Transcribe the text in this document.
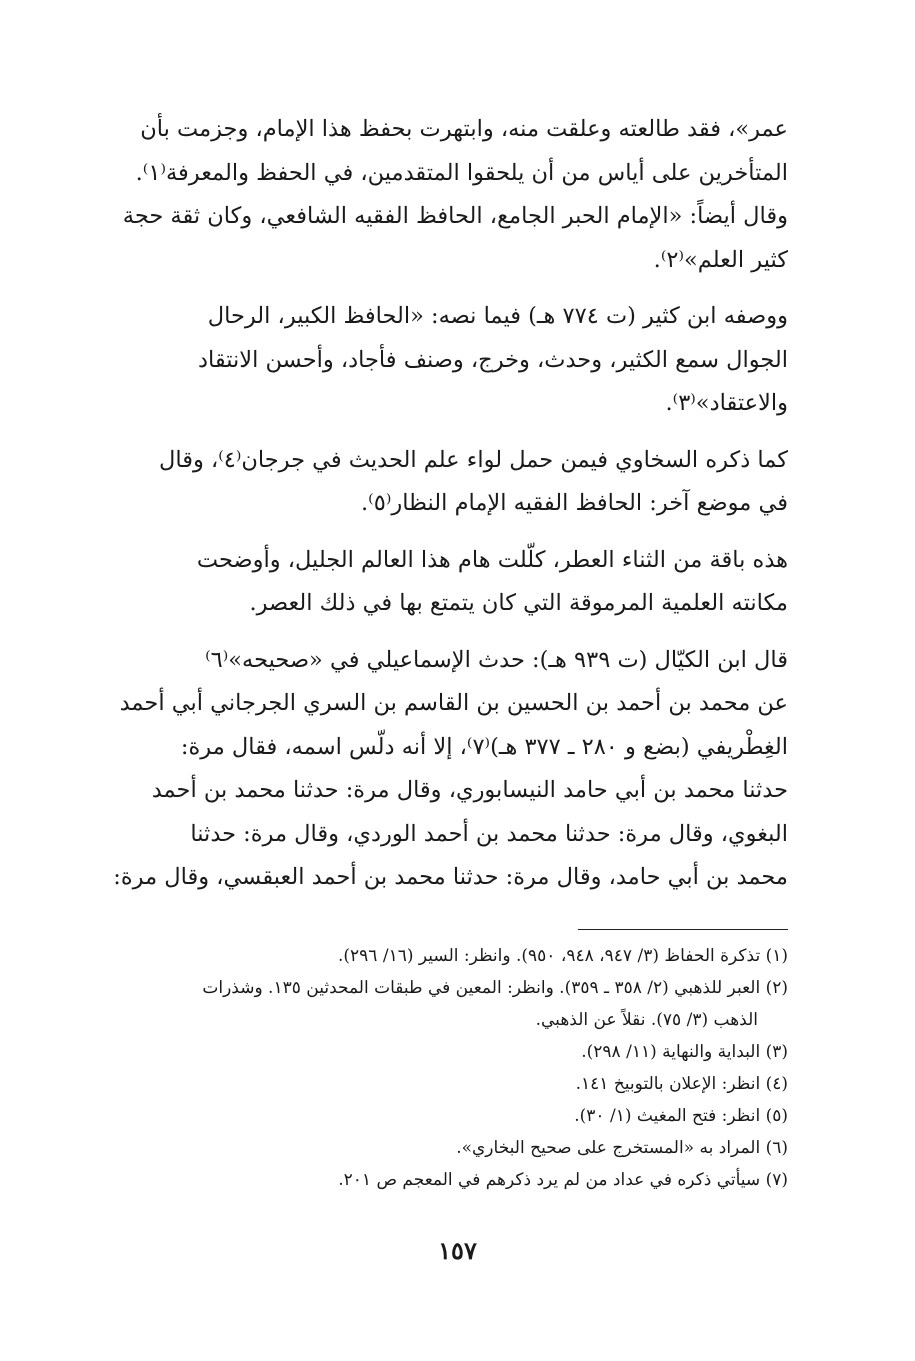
عمر»، فقد طالعته وعلقت منه، وابتهرت بحفظ هذا الإمام، وجزمت بأن
المتأخرين على أياس من أن يلحقوا المتقدمين، في الحفظ والمعرفة⁽١⁾.
وقال أيضاً: «الإمام الحبر الجامع، الحافظ الفقيه الشافعي، وكان ثقة حجة
كثير العلم»⁽٢⁾.

ووصفه ابن كثير (ت ٧٧٤ هـ) فيما نصه: «الحافظ الكبير، الرحال
الجوال سمع الكثير، وحدث، وخرج، وصنف فأجاد، وأحسن الانتقاد
والاعتقاد»⁽٣⁾.

كما ذكره السخاوي فيمن حمل لواء علم الحديث في جرجان⁽٤⁾، وقال
في موضع آخر: الحافظ الفقيه الإمام النظار⁽٥⁾.

هذه باقة من الثناء العطر، كلّلت هام هذا العالم الجليل، وأوضحت
مكانته العلمية المرموقة التي كان يتمتع بها في ذلك العصر.

قال ابن الكيّال (ت ٩٣٩ هـ): حدث الإسماعيلي في «صحيحه»⁽٦⁾
عن محمد بن أحمد بن الحسين بن القاسم بن السري الجرجاني أبي أحمد
الغِطْريفي (بضع و ٢٨٠ ـ ٣٧٧ هـ)⁽٧⁾، إلا أنه دلّس اسمه، فقال مرة:
حدثنا محمد بن أبي حامد النيسابوري، وقال مرة: حدثنا محمد بن أحمد
البغوي، وقال مرة: حدثنا محمد بن أحمد الوردي، وقال مرة: حدثنا
محمد بن أبي حامد، وقال مرة: حدثنا محمد بن أحمد العبقسي، وقال مرة:

(١) تذكرة الحفاظ (٣/ ٩٤٧، ٩٤٨، ٩٥٠). وانظر: السير (١٦/ ٢٩٦).

(٢) العبر للذهبي (٢/ ٣٥٨ ـ ٣٥٩). وانظر: المعين في طبقات المحدثين ١٣٥. وشذرات
الذهب (٣/ ٧٥). نقلاً عن الذهبي.

(٣) البداية والنهاية (١١/ ٢٩٨).

(٤) انظر: الإعلان بالتوبيخ ١٤١.

(٥) انظر: فتح المغيث (١/ ٣٠).

(٦) المراد به «المستخرج على صحيح البخاري».

(٧) سيأتي ذكره في عداد من لم يرد ذكرهم في المعجم ص ٢٠١.

١٥٧
